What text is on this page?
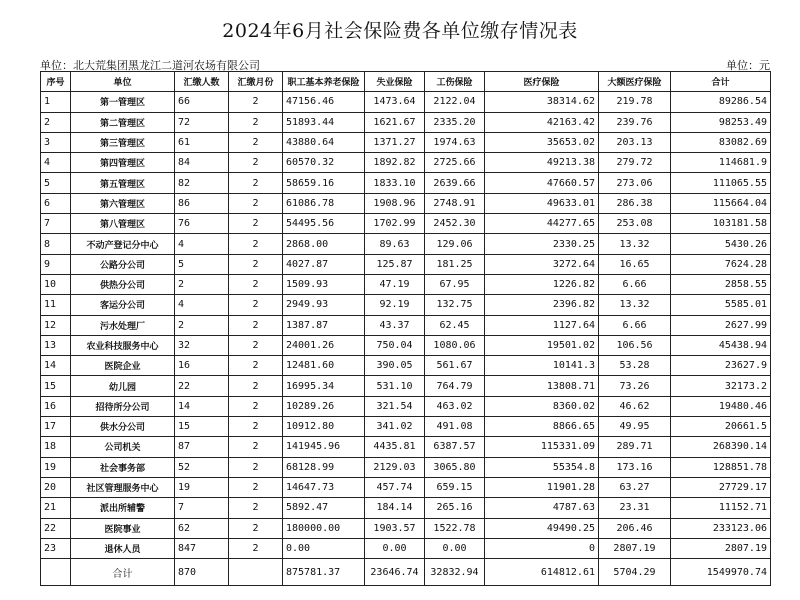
2024年6月社会保险费各单位缴存情况表
单位：北大荒集团黑龙江二道河农场有限公司	单位：元
序号	单位	汇缴人数	汇缴月份	职工基本养老保险	失业保险	工伤保险	医疗保险	大额医疗保险	合计
1	第一管理区	66	2	47156.46	1473.64	2122.04	38314.62	219.78	89286.54
2	第二管理区	72	2	51893.44	1621.67	2335.20	42163.42	239.76	98253.49
3	第三管理区	61	2	43880.64	1371.27	1974.63	35653.02	203.13	83082.69
4	第四管理区	84	2	60570.32	1892.82	2725.66	49213.38	279.72	114681.9
5	第五管理区	82	2	58659.16	1833.10	2639.66	47660.57	273.06	111065.55
6	第六管理区	86	2	61086.78	1908.96	2748.91	49633.01	286.38	115664.04
7	第八管理区	76	2	54495.56	1702.99	2452.30	44277.65	253.08	103181.58
8	不动产登记分中心	4	2	2868.00	89.63	129.06	2330.25	13.32	5430.26
9	公路分公司	5	2	4027.87	125.87	181.25	3272.64	16.65	7624.28
10	供热分公司	2	2	1509.93	47.19	67.95	1226.82	6.66	2858.55
11	客运分公司	4	2	2949.93	92.19	132.75	2396.82	13.32	5585.01
12	污水处理厂	2	2	1387.87	43.37	62.45	1127.64	6.66	2627.99
13	农业科技服务中心	32	2	24001.26	750.04	1080.06	19501.02	106.56	45438.94
14	医院企业	16	2	12481.60	390.05	561.67	10141.3	53.28	23627.9
15	幼儿园	22	2	16995.34	531.10	764.79	13808.71	73.26	32173.2
16	招待所分公司	14	2	10289.26	321.54	463.02	8360.02	46.62	19480.46
17	供水分公司	15	2	10912.80	341.02	491.08	8866.65	49.95	20661.5
18	公司机关	87	2	141945.96	4435.81	6387.57	115331.09	289.71	268390.14
19	社会事务部	52	2	68128.99	2129.03	3065.80	55354.8	173.16	128851.78
20	社区管理服务中心	19	2	14647.73	457.74	659.15	11901.28	63.27	27729.17
21	派出所辅警	7	2	5892.47	184.14	265.16	4787.63	23.31	11152.71
22	医院事业	62	2	180000.00	1903.57	1522.78	49490.25	206.46	233123.06
23	退休人员	847	2	0.00	0.00	0.00	0	2807.19	2807.19
	合计	870		875781.37	23646.74	32832.94	614812.61	5704.29	1549970.74
